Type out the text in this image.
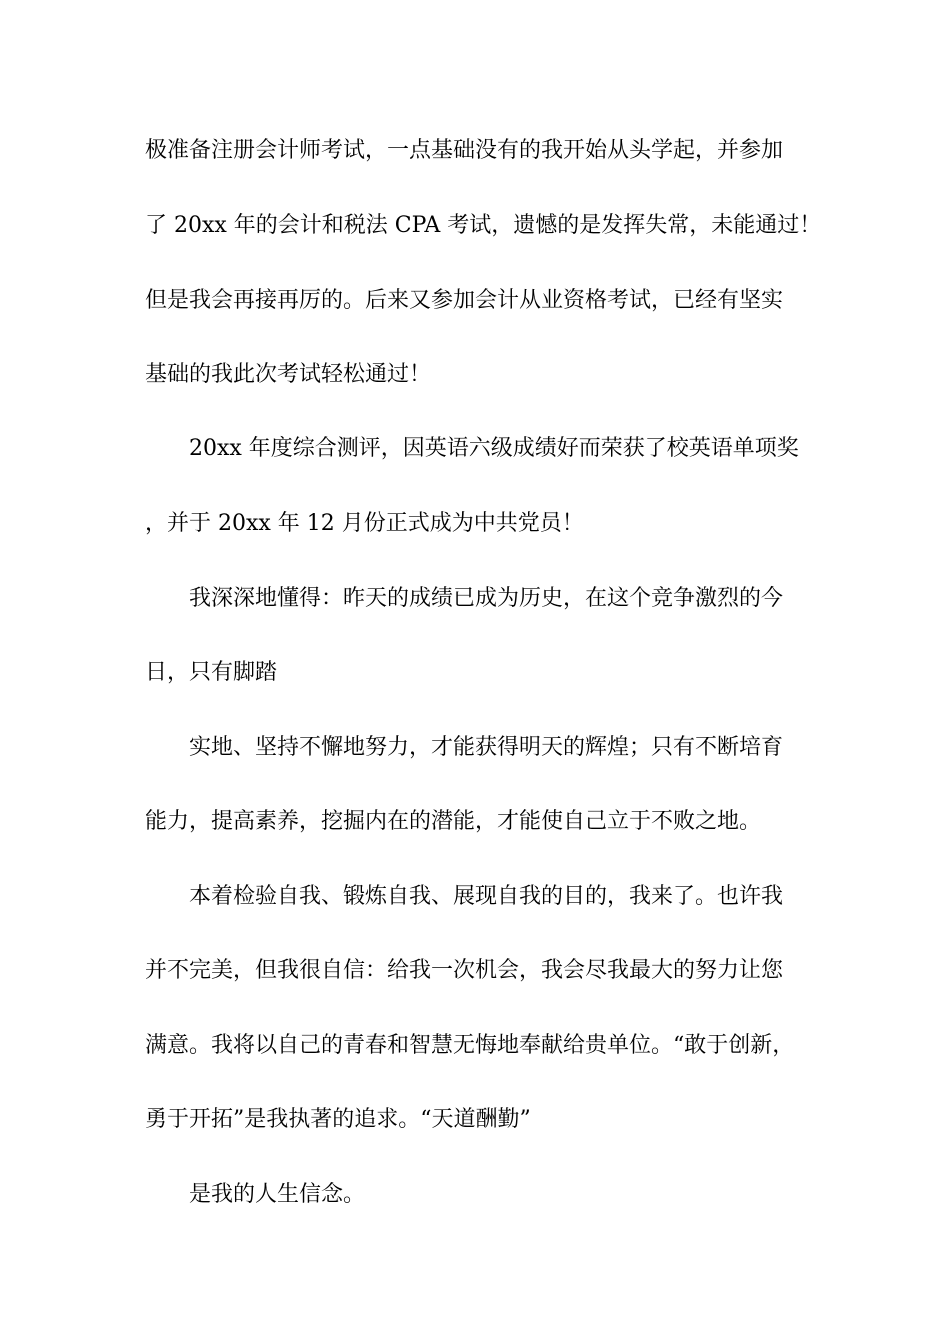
极准备注册会计师考试，一点基础没有的我开始从头学起，并参加
了 20xx 年的会计和税法 CPA 考试，遗憾的是发挥失常，未能通过！
但是我会再接再厉的。后来又参加会计从业资格考试，已经有坚实
基础的我此次考试轻松通过！
20xx 年度综合测评，因英语六级成绩好而荣获了校英语单项奖
，并于 20xx 年 12 月份正式成为中共党员！
我深深地懂得：昨天的成绩已成为历史，在这个竞争激烈的今
日，只有脚踏
实地、坚持不懈地努力，才能获得明天的辉煌；只有不断培育
能力，提高素养，挖掘内在的潜能，才能使自己立于不败之地。
本着检验自我、锻炼自我、展现自我的目的，我来了。也许我
并不完美，但我很自信：给我一次机会，我会尽我最大的努力让您
满意。我将以自己的青春和智慧无悔地奉献给贵单位。“敢于创新，
勇于开拓”是我执著的追求。“天道酬勤”
是我的人生信念。
